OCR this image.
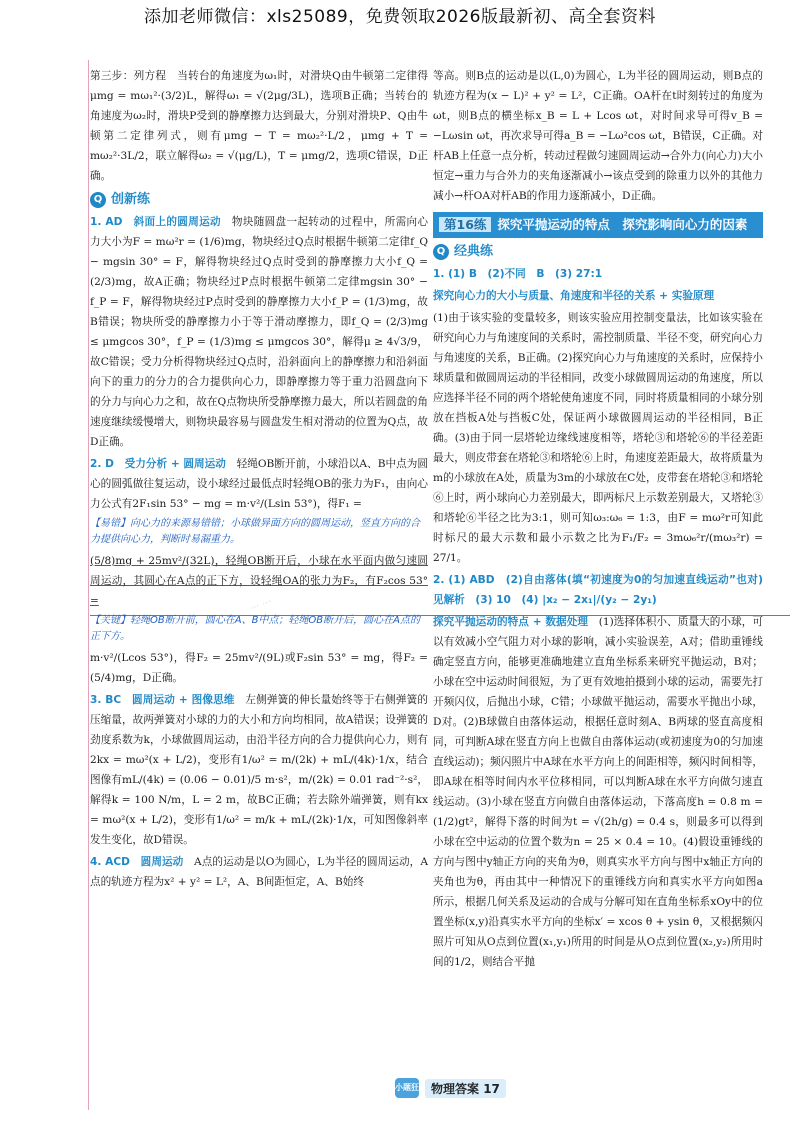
添加老师微信：xls25089，免费领取2026版最新初、高全套资料

第三步：列方程　当转台的角速度为ω₁时，对滑块Q由牛顿第二定律得μmg = mω₁²·(3/2)L，解得ω₁ = √(2μg/3L)，选项B正确；当转台的角速度为ω₂时，滑块P受到的静摩擦力达到最大，分别对滑块P、Q由牛顿第二定律列式，则有μmg − T = mω₂²·L/2，μmg + T = mω₂²·3L/2，联立解得ω₂ = √(μg/L)，T = μmg/2，选项C错误，D正确。

Q 创新练

1. AD　斜面上的圆周运动　 物块随圆盘一起转动的过程中，所需向心力大小为F = mω²r = (1/6)mg，物块经过Q点时根据牛顿第二定律f_Q − mgsin 30° = F，解得物块经过Q点时受到的静摩擦力大小f_Q = (2/3)mg，故A正确；物块经过P点时根据牛顿第二定律mgsin 30° − f_P = F，解得物块经过P点时受到的静摩擦力大小f_P = (1/3)mg，故B错误；物块所受的静摩擦力小于等于滑动摩擦力，即f_Q = (2/3)mg ≤ μmgcos 30°，f_P = (1/3)mg ≤ μmgcos 30°，解得μ ≥ 4√3/9，故C错误；受力分析得物块经过Q点时，沿斜面向上的静摩擦力和沿斜面向下的重力的分力的合力提供向心力，即静摩擦力等于重力沿圆盘向下的分力与向心力之和，故在Q点物块所受静摩擦力最大，所以若圆盘的角速度继续缓慢增大，则物块最容易与圆盘发生相对滑动的位置为Q点，故D正确。

2. D　受力分析 + 圆周运动　 轻绳OB断开前，小球沿以A、B中点为圆心的圆弧做往复运动，设小球经过最低点时轻绳OB的张力为F₁，由向心力公式有2F₁sin 53° − mg = m·v²/(Lsin 53°)，得F₁ =

【易错】向心力的来源易错错；小球做异面方向的圆周运动，竖直方向的合力提供向心力，判断时易漏重力。

(5/8)mg + 25mv²/(32L)，轻绳OB断开后，小球在水平面内做匀速圆周运动，其圆心在A点的正下方，设轻绳OA的张力为F₂，有F₂cos 53° =

【关键】轻绳OB断开前，圆心在A、B中点；轻绳OB断开后，圆心在A点的正下方。

m·v²/(Lcos 53°)，得F₂ = 25mv²/(9L)或F₂sin 53° = mg，得F₂ = (5/4)mg，D正确。

3. BC　圆周运动 + 图像思维　 左侧弹簧的伸长量始终等于右侧弹簧的压缩量，故两弹簧对小球的力的大小和方向均相同，故A错误；设弹簧的劲度系数为k，小球做圆周运动，由沿半径方向的合力提供向心力，则有2kx = mω²(x + L/2)，变形有1/ω² = m/(2k) + mL/(4k)·1/x，结合图像有mL/(4k) = (0.06 − 0.01)/5 m·s²，m/(2k) = 0.01 rad⁻²·s²，解得k = 100 N/m，L = 2 m，故BC正确；若去除外端弹簧，则有kx = mω²(x + L/2)，变形有1/ω² = m/k + mL/(2k)·1/x，可知图像斜率发生变化，故D错误。

4. ACD　圆周运动　 A点的运动是以O为圆心，L为半径的圆周运动，A点的轨迹方程为x² + y² = L²，A、B间距恒定，A、B始终

等高。则B点的运动是以(L,0)为圆心，L为半径的圆周运动，则B点的轨迹方程为(x − L)² + y² = L²，C正确。OA杆在t时刻转过的角度为ωt，则B点的横坐标x_B = L + Lcos ωt，对时间求导可得v_B = −Lωsin ωt，再次求导可得a_B = −Lω²cos ωt，B错误，C正确。对杆AB上任意一点分析，转动过程做匀速圆周运动→合外力(向心力)大小恒定→重力与合外力的夹角逐渐减小→该点受到的除重力以外的其他力减小→杆OA对杆AB的作用力逐渐减小，D正确。

第16练 探究平抛运动的特点　探究影响向心力的因素
Q 经典练

1. (1) B　(2)不同　B　(3) 27:1

探究向心力的大小与质量、角速度和半径的关系 + 实验原理

(1)由于该实验的变量较多，则该实验应用控制变量法，比如该实验在研究向心力与角速度间的关系时，需控制质量、半径不变，研究向心力与角速度的关系，B正确。(2)探究向心力与角速度的关系时，应保持小球质量和做圆周运动的半径相同，改变小球做圆周运动的角速度，所以应选择半径不同的两个塔轮使角速度不同，同时将质量相同的小球分别放在挡板A处与挡板C处，保证两小球做圆周运动的半径相同，B正确。(3)由于同一层塔轮边缘线速度相等，塔轮③和塔轮⑥的半径差距最大，则皮带套在塔轮③和塔轮⑥上时，角速度差距最大，故将质量为m的小球放在A处，质量为3m的小球放在C处，皮带套在塔轮③和塔轮⑥上时，两小球向心力差别最大，即两标尺上示数差别最大，又塔轮③和塔轮⑥半径之比为3:1，则可知ω₃:ω₆ = 1:3，由F = mω²r可知此时标尺的最大示数和最小示数之比为F₁/F₂ = 3mω₆²r/(mω₃²r) = 27/1。

2. (1) ABD　(2)自由落体(填“初速度为0的匀加速直线运动”也对)　见解析　(3) 10　(4) |x₂ − 2x₁|/(y₂ − 2y₁)

探究平抛运动的特点 + 数据处理　 (1)选择体积小、质量大的小球，可以有效减小空气阻力对小球的影响，减小实验误差，A对；借助重锤线确定竖直方向，能够更准确地建立直角坐标系来研究平抛运动，B对；小球在空中运动时间很短，为了更有效地拍摄到小球的运动，需要先打开频闪仪，后抛出小球，C错；小球做平抛运动，需要水平抛出小球，D对。(2)B球做自由落体运动，根据任意时刻A、B两球的竖直高度相同，可判断A球在竖直方向上也做自由落体运动(或初速度为0的匀加速直线运动)；频闪照片中A球在水平方向上的间距相等，频闪时间相等，即A球在相等时间内水平位移相同，可以判断A球在水平方向做匀速直线运动。(3)小球在竖直方向做自由落体运动，下落高度h = 0.8 m = (1/2)gt²，解得下落的时间为t = √(2h/g) = 0.4 s，则最多可以得到小球在空中运动的位置个数为n = 25 × 0.4 = 10。(4)假设重锤线的方向与图中y轴正方向的夹角为θ，则真实水平方向与图中x轴正方向的夹角也为θ，再由其中一种情况下的重锤线方向和真实水平方向如图a所示，根据几何关系及运动的合成与分解可知在直角坐标系xOy中的位置坐标(x,y)沿真实水平方向的坐标x′ = xcos θ + ysin θ，又根据频闪照片可知从O点到位置(x₁,y₁)所用的时间是从O点到位置(x₂,y₂)所用时间的1/2，则结合平抛

··· ···
小题狂练
物理答案 17
